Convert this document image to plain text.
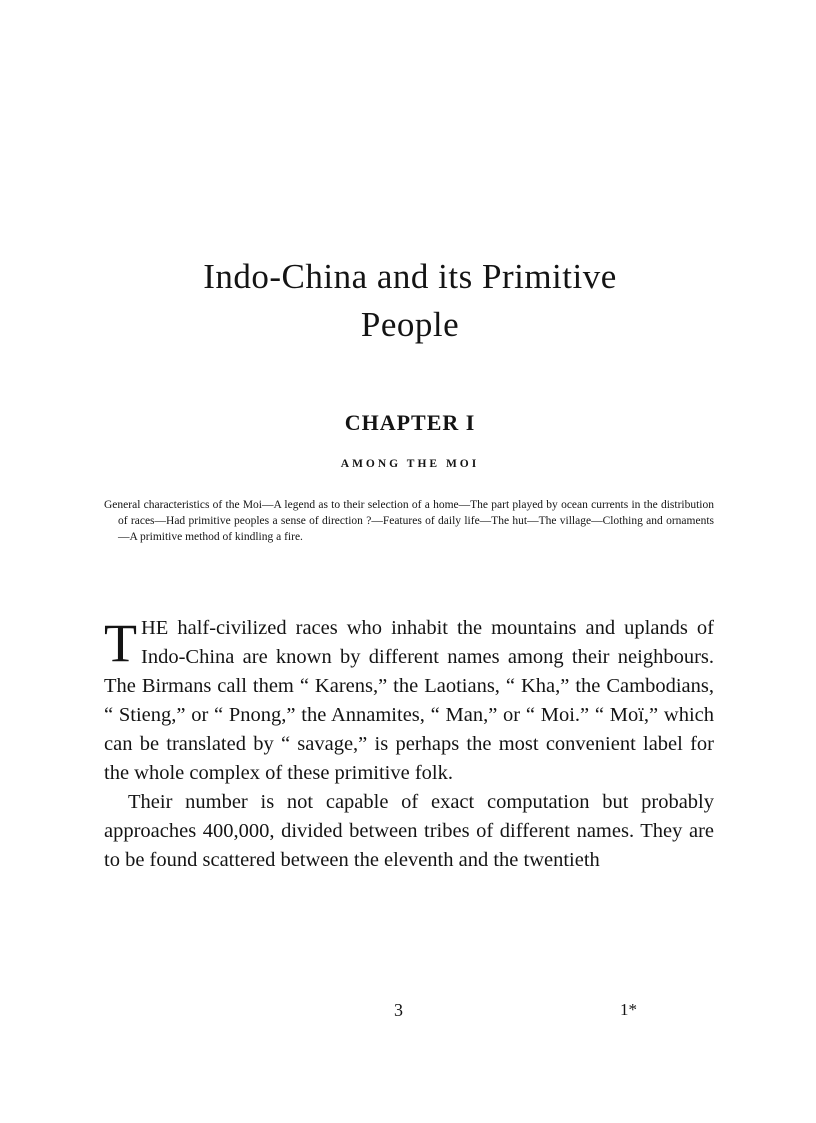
Indo-China and its Primitive
People
CHAPTER I
AMONG THE MOI

General characteristics of the Moi—A legend as to their selection of a home—The part played by ocean currents in the distribution of races—Had primitive peoples a sense of direction ?—Features of daily life—The hut—The village—Clothing and ornaments—A primitive method of kindling a fire.

THE half-civilized races who inhabit the mountains and uplands of Indo-China are known by different names among their neighbours. The Birmans call them “ Karens,” the Laotians, “ Kha,” the Cambodians, “ Stieng,” or “ Pnong,” the Annamites, “ Man,” or “ Moi.” “ Moï,” which can be translated by “ savage,” is perhaps the most convenient label for the whole complex of these primitive folk.

Their number is not capable of exact computation but probably approaches 400,000, divided between tribes of different names. They are to be found scattered between the eleventh and the twentieth

3	1*
